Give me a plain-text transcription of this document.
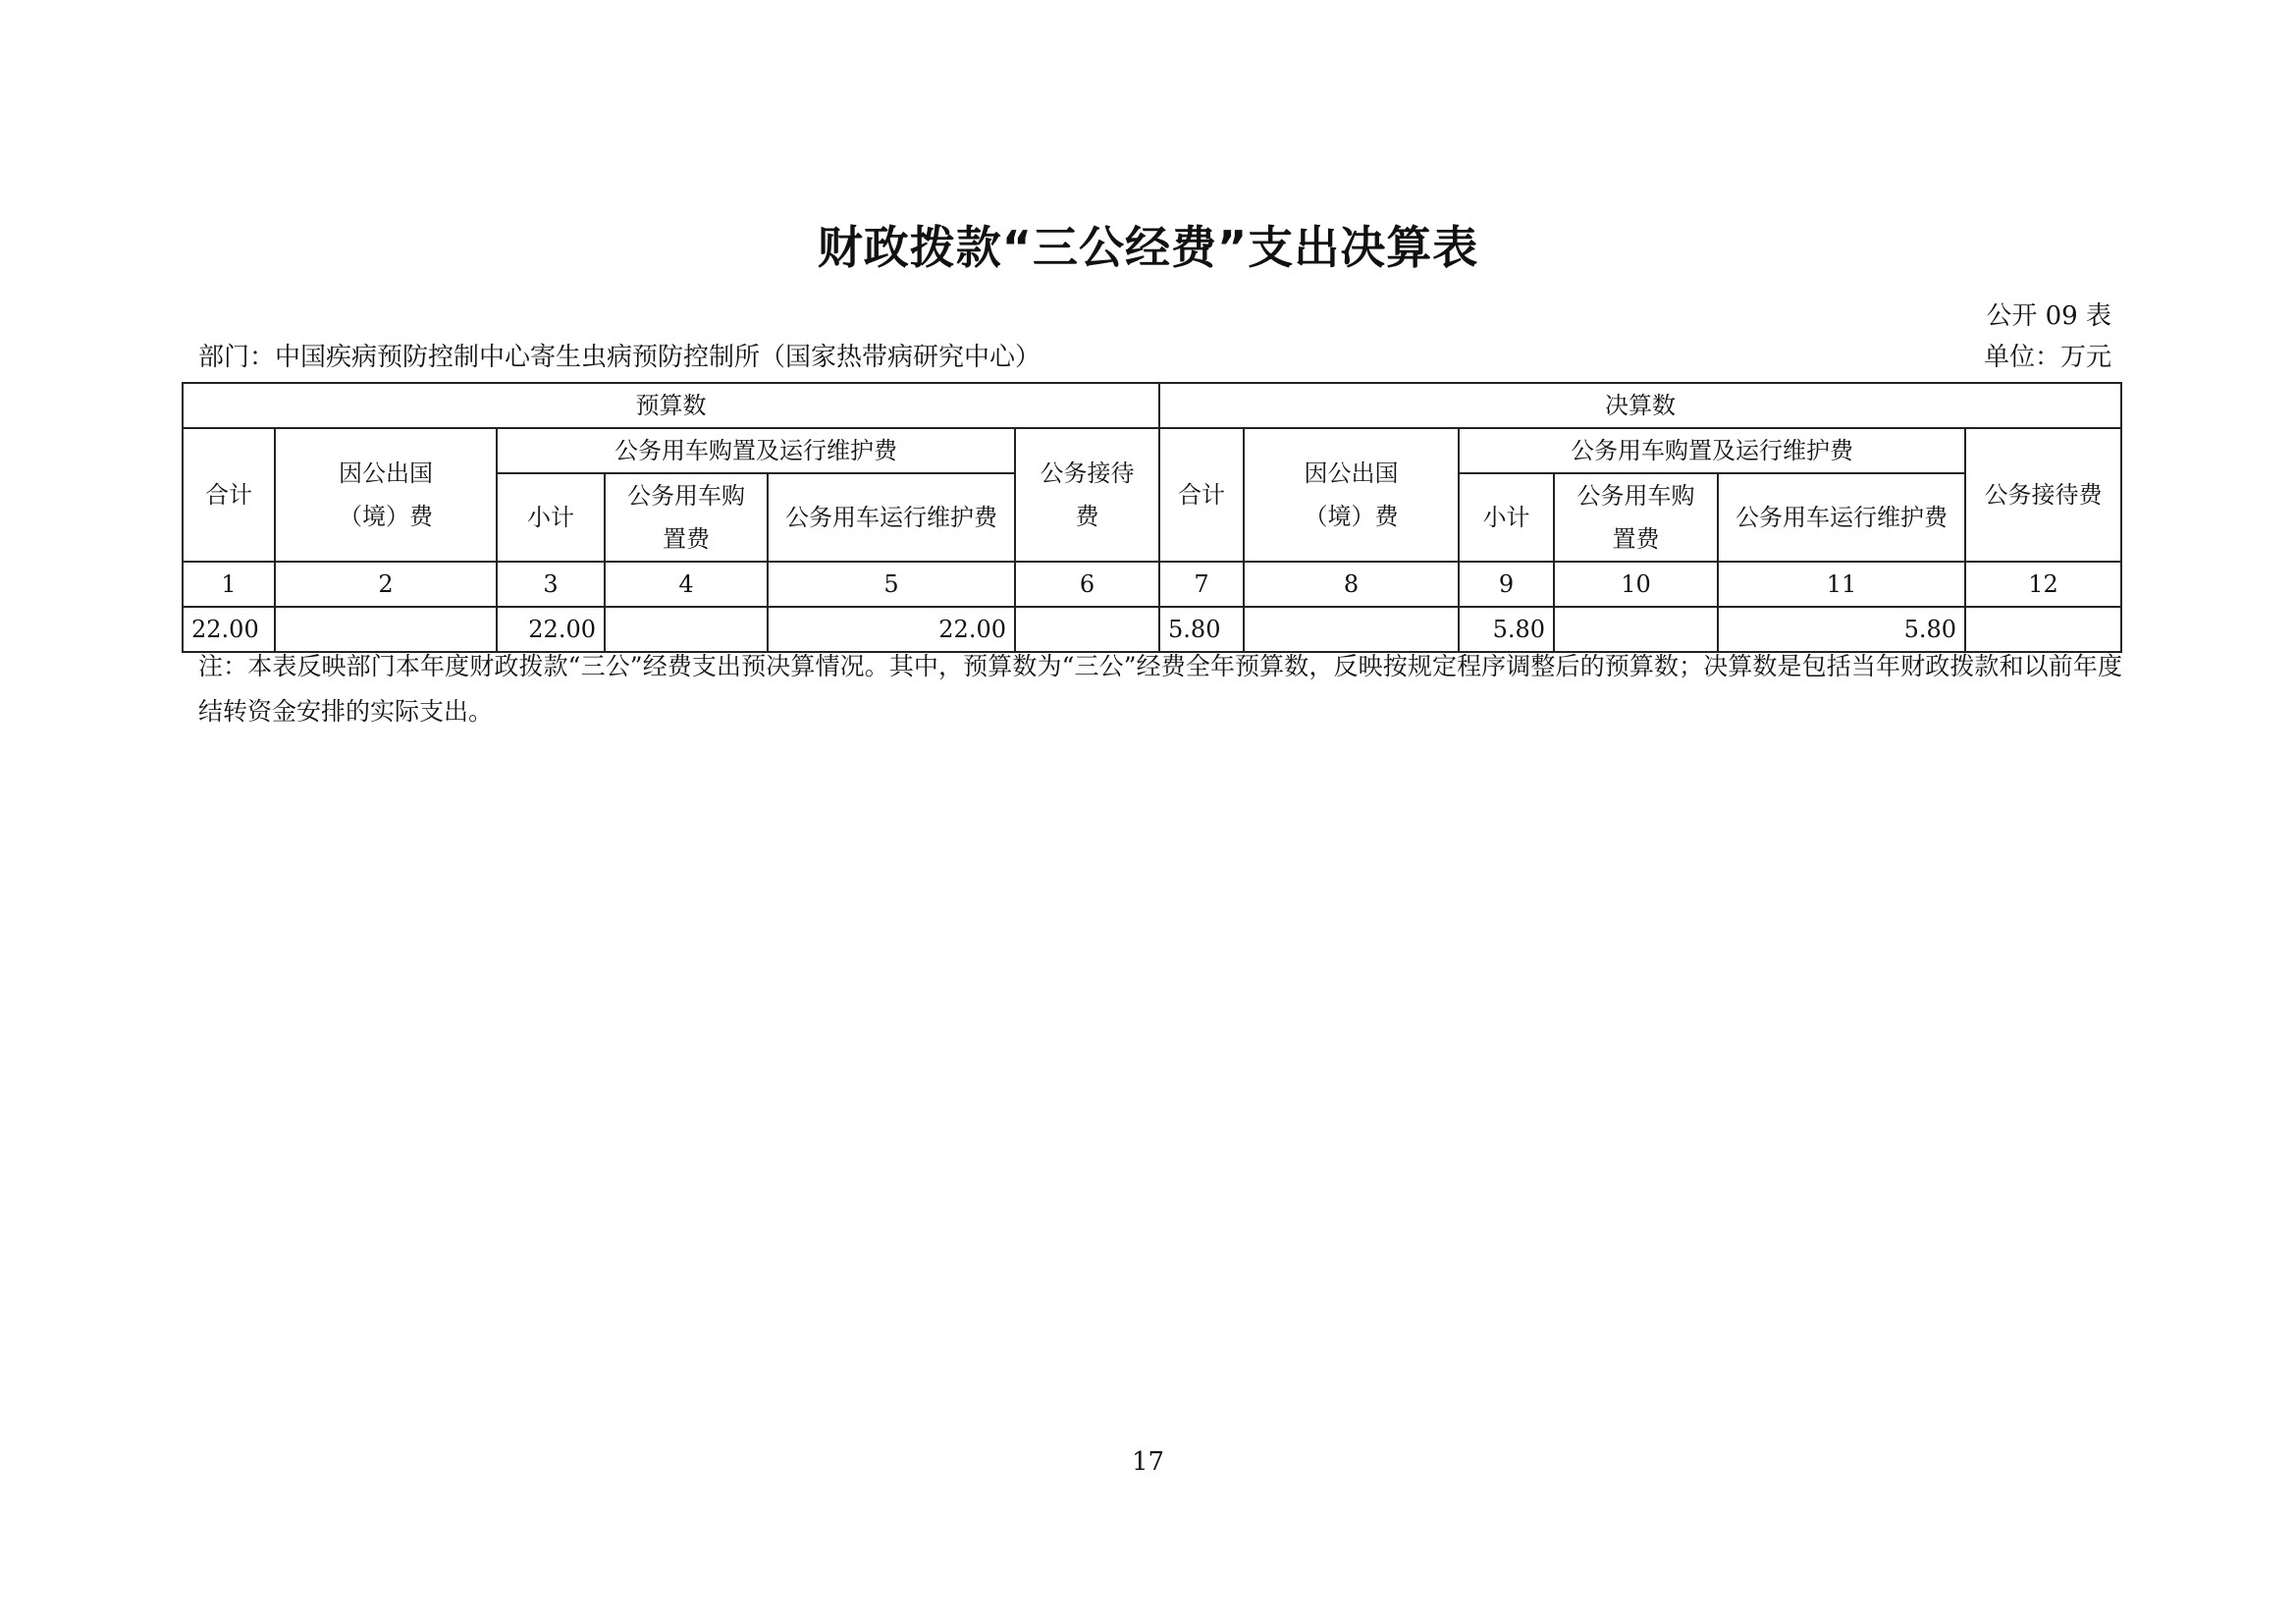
财政拨款“三公经费”支出决算表
公开 09 表
部门：中国疾病预防控制中心寄生虫病预防控制所（国家热带病研究中心）	单位：万元
预算数						决算数					
合计	因公出国 （境）费	公务用车购置及运行维护费			公务接待费	合计	因公出国 （境）费	公务用车购置及运行维护费			公务接待费
		小计	公务用车购置费	公务用车运行维护费				小计	公务用车购置费	公务用车运行维护费	
1	2	3	4	5	6	7	8	9	10	11	12
22.00		22.00		22.00		5.80		5.80		5.80	
注：本表反映部门本年度财政拨款“三公”经费支出预决算情况。其中，预算数为“三公”经费全年预算数，反映按规定程序调整后的预算数；决算数是包括当年财政拨款和以前年度结转资金安排的实际支出。
17
